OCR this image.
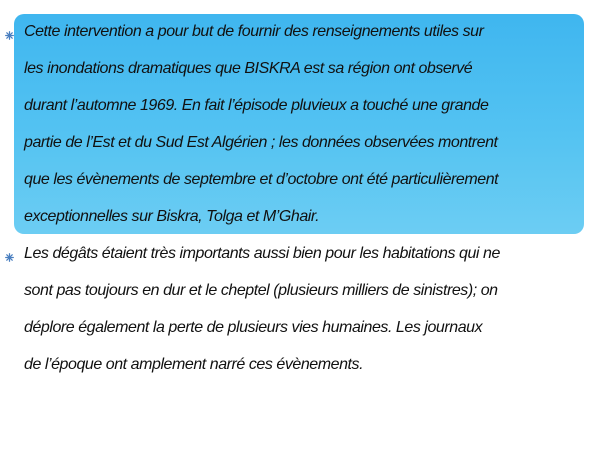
Cette intervention a pour but de fournir des renseignements utiles sur
les inondations dramatiques que BISKRA est sa région ont observé
durant l’automne 1969. En fait l’épisode pluvieux a touché une grande
partie de l’Est et du Sud Est Algérien ; les données observées montrent
que les évènements de septembre et d’octobre ont été particulièrement
exceptionnelles sur Biskra, Tolga et M’Ghair.
Les dégâts étaient très importants aussi bien pour les habitations qui ne
sont pas toujours en dur et le cheptel (plusieurs milliers de sinistres); on
déplore également la perte de plusieurs vies humaines. Les journaux
de l’époque ont amplement narré ces évènements.
